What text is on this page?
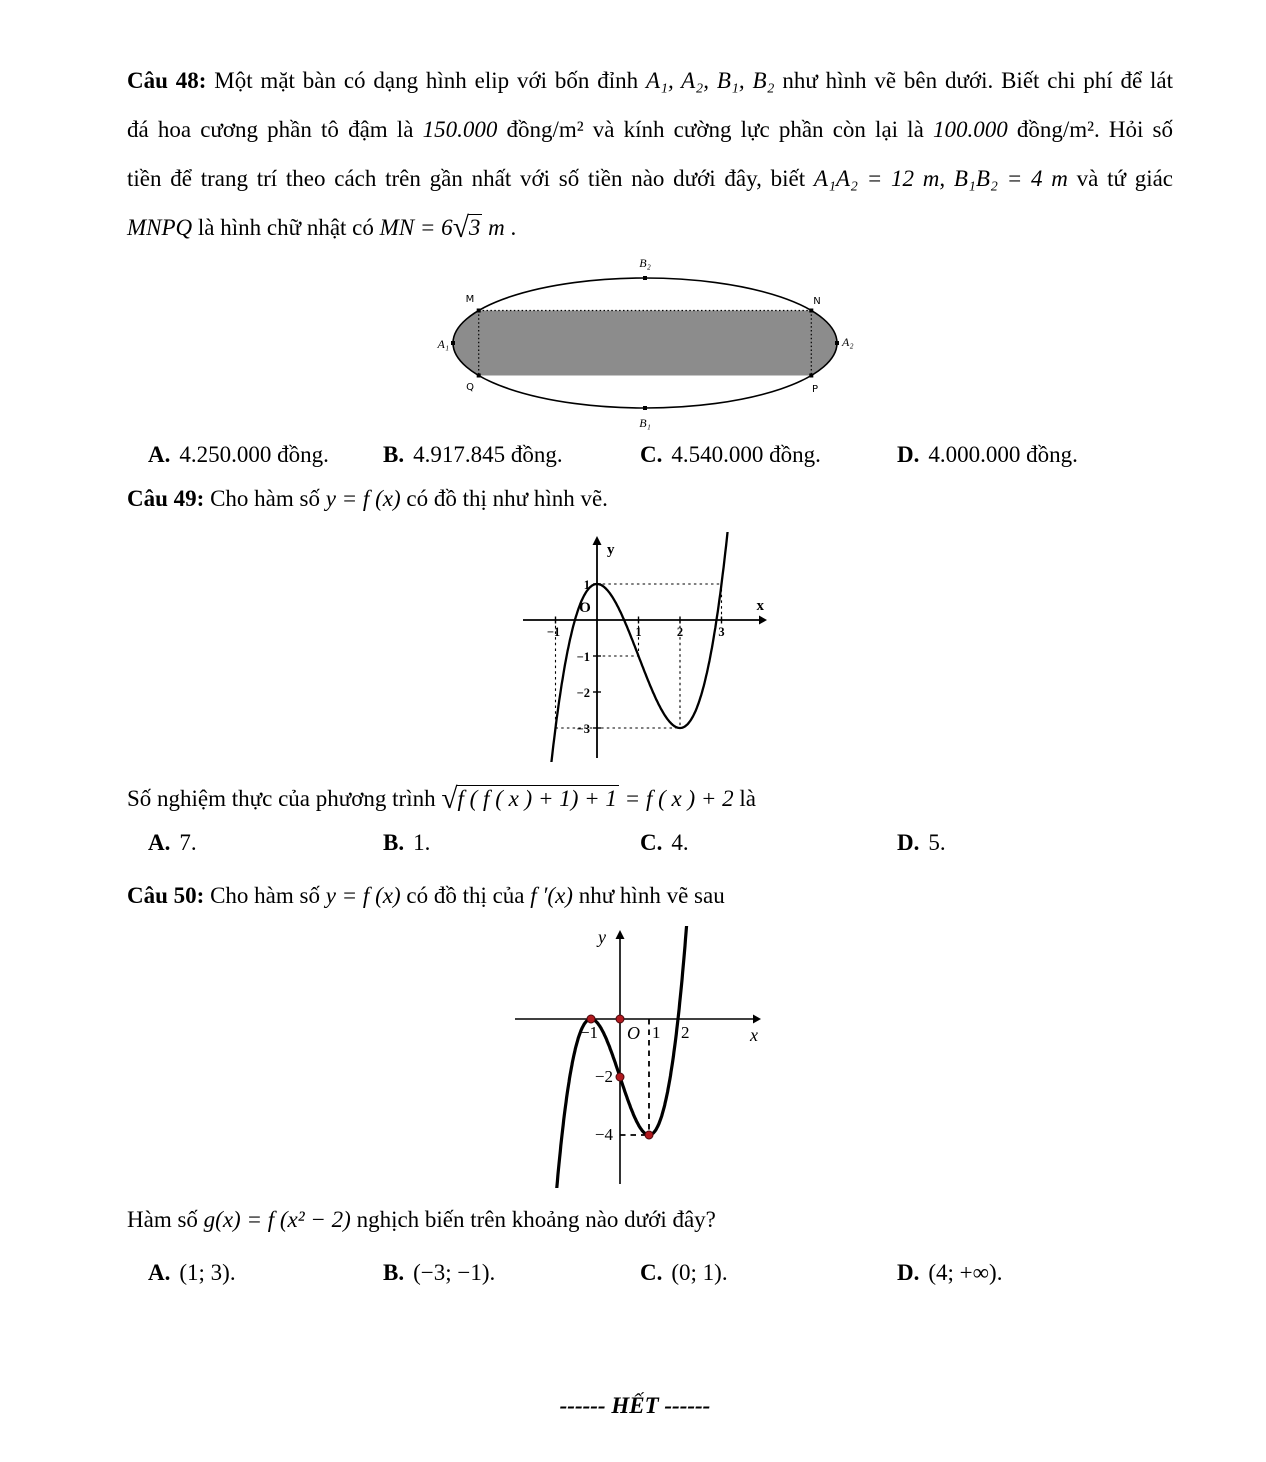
Câu 48: Một mặt bàn có dạng hình elip với bốn đỉnh A₁, A₂, B₁, B₂ như hình vẽ bên dưới. Biết chi phí để lát
đá hoa cương phần tô đậm là 150.000 đồng/m² và kính cường lực phần còn lại là 100.000 đồng/m². Hỏi số
tiền để trang trí theo cách trên gần nhất với số tiền nào dưới đây, biết A₁A₂ = 12 m, B₁B₂ = 4 m và tứ giác
MNPQ là hình chữ nhật có MN = 6√3 m .
A₁	A₂
B₂
B₁
M	N
Q	P
A. 4.250.000 đồng.	B. 4.917.845 đồng.	C. 4.540.000 đồng.	D. 4.000.000 đồng.
Câu 49: Cho hàm số y = f (x) có đồ thị như hình vẽ.
−1	1	2	3
1
−1
−2
−3
O
y
x
Số nghiệm thực của phương trình √f ( f ( x ) + 1) + 1 = f ( x ) + 2 là
A. 7.	B. 1.	C. 4.	D. 5.
Câu 50: Cho hàm số y = f (x) có đồ thị của f ′(x) như hình vẽ sau
−1	1 2
−2
−4
O
y
x
Hàm số g(x) = f (x² − 2) nghịch biến trên khoảng nào dưới đây?
A. (1; 3).	B. (−3; −1).	C. (0; 1).	D. (4; +∞).
------ HẾT ------
